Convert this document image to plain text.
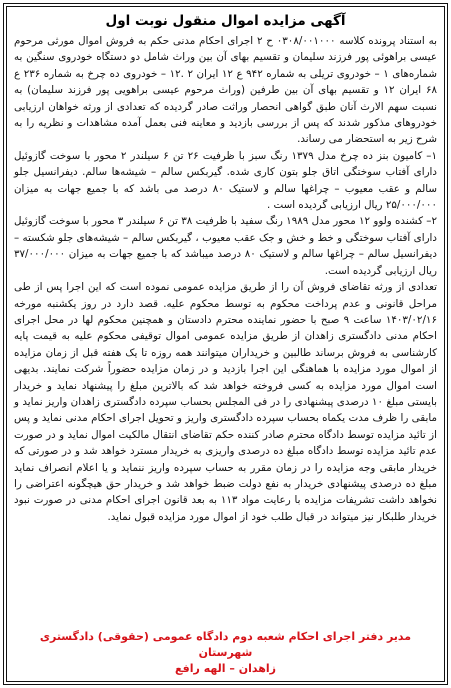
آگهی مزایده اموال منقول نوبت اول

به استناد پرونده کلاسه ۰۳۰۸/۰۰۱۰۰۰ ح ۲ اجرای احکام مدنی حکم به فروش اموال مورثی مرحوم عیسی براهوئی پور فرزند سلیمان و تقسیم بهای آن بین وراث شامل دو دستگاه خودروی سنگین به شماره‌های ۱ – خودروی تریلی به شماره ۹۴۲ ع ۱۲ ایران ۲ .۱۲ – خودروی ده چرخ به شماره ۲۳۶ ع ۶۸ ایران ۱۲ و تقسیم بهای آن بین طرفین (وراث مرحوم عیسی براهویی پور فرزند سلیمان) به نسبت سهم الارث آنان طبق گواهی انحصار وراثت صادر گردیده که تعدادی از ورثه خواهان ارزیابی خودروهای مذکور شدند که پس از بررسی بازدید و معاینه فنی بعمل آمده مشاهدات و نظریه را به شرح زیر به استحضار می رساند.

۱– کامیون بنز ده چرخ مدل ۱۳۷۹ رنگ سبز با ظرفیت ۲۶ تن ۶ سیلندر ۲ محور با سوخت گازوئیل دارای آفتاب سوختگی اتاق جلو بتون کاری شده. گیربکس سالم – شیشه‌ها سالم. دیفرانسیل جلو سالم و عقب معیوب – چراغها سالم و لاستیک ۸۰ درصد می باشد که با جمیع جهات به میزان ۲۵/۰۰۰/۰۰۰ ریال ارزیابی گردیده است .

۲– کشنده ولوو ۱۲ محور مدل ۱۹۸۹ رنگ سفید با ظرفیت ۳۸ تن ۶ سیلندر ۳ محور با سوخت گازوئیل دارای آفتاب سوختگی و خط و خش و جک عقب معیوب ، گیربکس سالم – شیشه‌های جلو شکسته – دیفرانسیل سالم – چراغها سالم و لاستیک ۸۰ درصد میباشد که با جمیع جهات به میزان ۳۷/۰۰۰/۰۰۰ ریال ارزیابی گردیده است.

تعدادی از ورثه تقاضای فروش آن را از طریق مزایده عمومی نموده است که این اجرا پس از طی مراحل قانونی و عدم پرداخت محکوم به توسط محکوم علیه. قصد دارد در روز یکشنبه مورخه ۱۴۰۳/۰۲/۱۶ ساعت ۹ صبح با حضور نماینده محترم دادستان و همچنین محکوم لها در محل اجرای احکام مدنی دادگستری زاهدان از طریق مزایده عمومی اموال توقیفی محکوم علیه به قیمت پایه کارشناسی به فروش برساند طالبین و خریداران میتوانند همه روزه تا یک هفته قبل از زمان مزایده از اموال مورد مزایده با هماهنگی این اجرا بازدید و در زمان مزایده حضوراً شرکت نمایند. بدیهی است اموال مورد مزایده به کسی فروخته خواهد شد که بالاترین مبلغ را پیشنهاد نماید و خریدار بایستی مبلغ ۱۰ درصدی پیشنهادی را در فی المجلس بحساب سپرده دادگستری زاهدان واریز نماید و مابقی را ظرف مدت یکماه بحساب سپرده دادگستری واریز و تحویل اجرای احکام مدنی نماید و پس از تائید مزایده توسط دادگاه محترم صادر کننده حکم تقاضای انتقال مالکیت اموال نماید و در صورت عدم تائید مزایده توسط دادگاه مبلغ ده درصدی واریزی به خریدار مسترد خواهد شد و در صورتی که خریدار مابقی وجه مزایده را در زمان مقرر به حساب سپرده واریز ننماید و یا اعلام انصراف نماید مبلغ ده درصدی پیشنهادی خریدار به نفع دولت ضبط خواهد شد و خریدار حق هیچگونه اعتراضی را نخواهد داشت تشریفات مزایده با رعایت مواد ۱۱۳ به بعد قانون اجرای احکام مدنی در صورت نبود خریدار طلبکار نیز میتواند در قبال طلب خود از اموال مورد مزایده قبول نماید.

مدیر دفتر اجرای احکام شعبه دوم دادگاه عمومی (حقوقی) دادگستری شهرستان
زاهدان – الهه رافع
